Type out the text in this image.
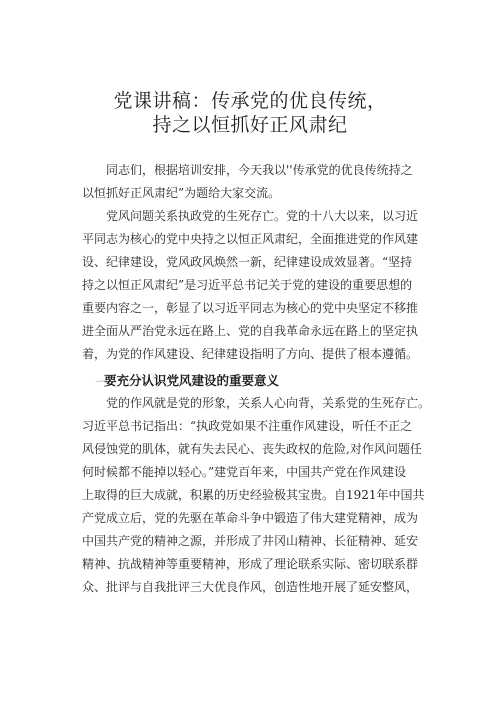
党课讲稿：传承党的优良传统，
持之以恒抓好正风肃纪
同志们，根据培训安排，今天我以''传承党的优良传统持之
以恒抓好正风肃纪”为题给大家交流。
党风问题关系执政党的生死存亡。党的十八大以来，以习近
平同志为核心的党中央持之以恒正风肃纪，全面推进党的作风建
设、纪律建设，党风政风焕然一新，纪律建设成效显著。“坚持
持之以恒正风肃纪”是习近平总书记关于党的建设的重要思想的
重要内容之一，彰显了以习近平同志为核心的党中央坚定不移推
进全面从严治党永远在路上、党的自我革命永远在路上的坚定执
着，为党的作风建设、纪律建设指明了方向、提供了根本遵循。
一要充分认识党风建设的重要意义
党的作风就是党的形象，关系人心向背，关系党的生死存亡。
习近平总书记指出：“执政党如果不注重作风建设，听任不正之
风侵蚀党的肌体，就有失去民心、丧失政权的危险,对作风问题任
何时候都不能掉以轻心。”建党百年来，中国共产党在作风建设
上取得的巨大成就，积累的历史经验极其宝贵。自1921年中国共
产党成立后，党的先驱在革命斗争中锻造了伟大建党精神，成为
中国共产党的精神之源，并形成了井冈山精神、长征精神、延安
精神、抗战精神等重要精神，形成了理论联系实际、密切联系群
众、批评与自我批评三大优良作风，创造性地开展了延安整风，
